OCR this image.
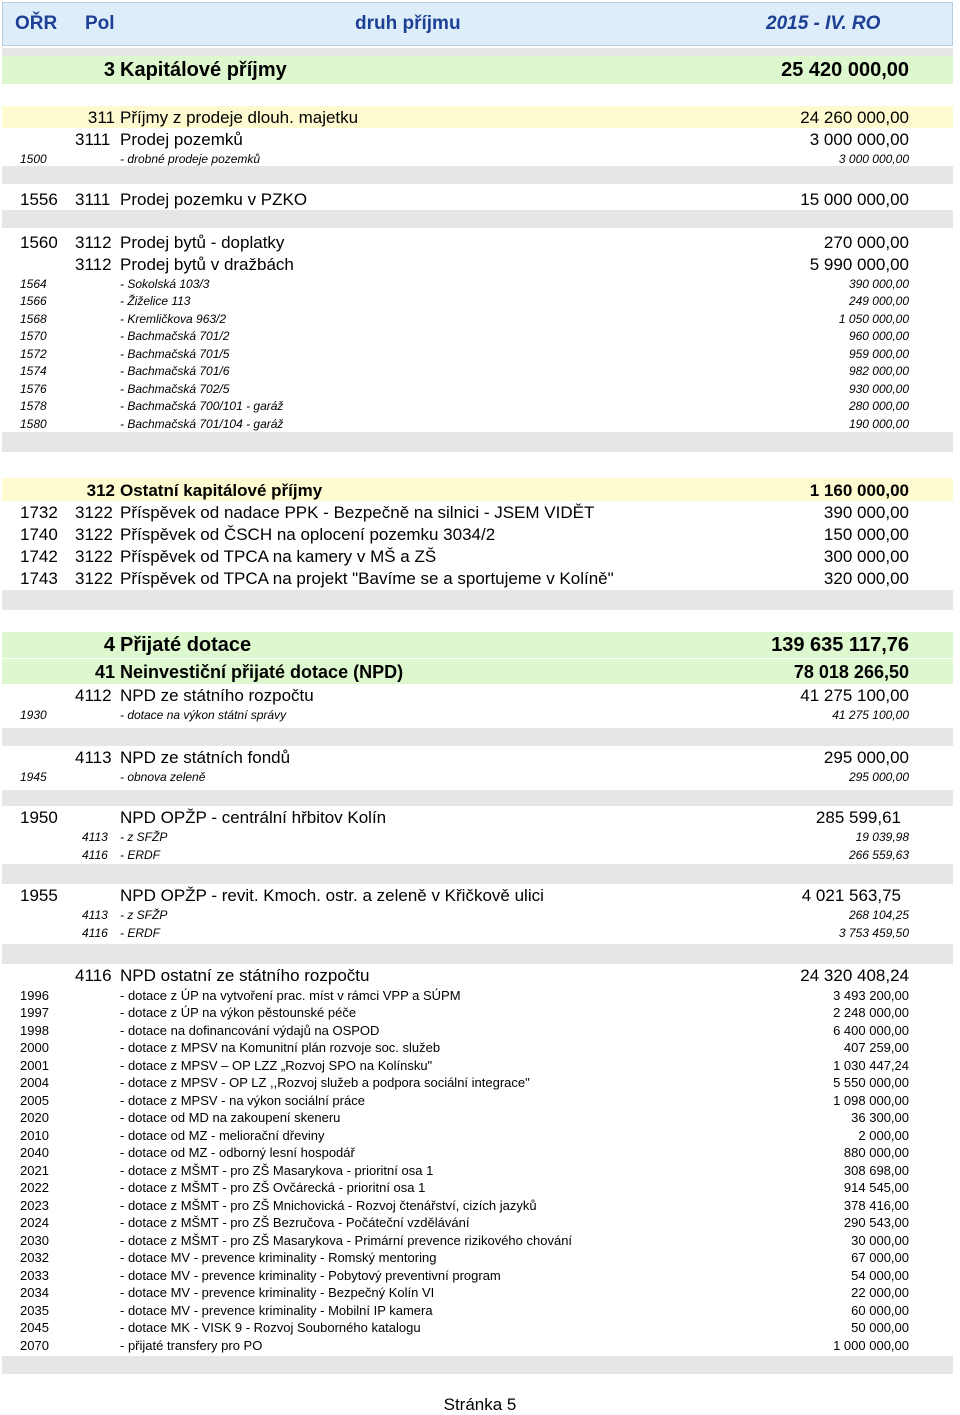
OŘR Pol	druh příjmu	2015 - IV. RO
3 Kapitálové příjmy	25 420 000,00
311 Příjmy z prodeje dlouh. majetku	24 260 000,00
3111 Prodej pozemků	3 000 000,00
1500	- drobné prodeje pozemků	3 000 000,00
1556 3111 Prodej pozemku v PZKO	15 000 000,00
1560 3112 Prodej bytů - doplatky	270 000,00
3112 Prodej bytů v dražbách	5 990 000,00
1564	- Sokolská 103/3	390 000,00
1566	- Žiželice 113	249 000,00
1568	- Kremličkova 963/2	1 050 000,00
1570	- Bachmačská 701/2	960 000,00
1572	- Bachmačská 701/5	959 000,00
1574	- Bachmačská 701/6	982 000,00
1576	- Bachmačská 702/5	930 000,00
1578	- Bachmačská 700/101 - garáž	280 000,00
1580	- Bachmačská 701/104 - garáž	190 000,00
312 Ostatní kapitálové příjmy	1 160 000,00
1732 3122 Příspěvek od nadace PPK - Bezpečně na silnici - JSEM VIDĚT	390 000,00
1740 3122 Příspěvek od ČSCH na oplocení pozemku 3034/2	150 000,00
1742 3122 Příspěvek od TPCA na kamery v MŠ a ZŠ	300 000,00
1743 3122 Příspěvek od TPCA na projekt "Bavíme se a sportujeme v Kolíně"	320 000,00
4 Přijaté dotace	139 635 117,76
41 Neinvestiční přijaté dotace (NPD)	78 018 266,50
4112 NPD ze státního rozpočtu	41 275 100,00
1930	- dotace na výkon státní správy	41 275 100,00
4113 NPD ze státních fondů	295 000,00
1945	- obnova zeleně	295 000,00
1950	NPD OPŽP - centrální hřbitov Kolín	285 599,61
4113 - z SFŽP	19 039,98
4116 - ERDF	266 559,63
1955	NPD OPŽP - revit. Kmoch. ostr. a zeleně v Křičkově ulici	4 021 563,75
4113 - z SFŽP	268 104,25
4116 - ERDF	3 753 459,50
4116 NPD ostatní ze státního rozpočtu	24 320 408,24
1996	- dotace z ÚP na vytvoření prac. míst v rámci VPP a SÚPM	3 493 200,00
1997	- dotace z ÚP na výkon pěstounské péče	2 248 000,00
1998	- dotace na dofinancování výdajů na OSPOD	6 400 000,00
2000	- dotace z MPSV na Komunitní plán rozvoje soc. služeb	407 259,00
2001	- dotace z MPSV – OP LZZ „Rozvoj SPO na Kolínsku"	1 030 447,24
2004	- dotace z MPSV - OP LZ ,,Rozvoj služeb a podpora sociální integrace"	5 550 000,00
2005	- dotace z MPSV - na výkon sociální práce	1 098 000,00
2020	- dotace od MD na zakoupení skeneru	36 300,00
2010	- dotace od MZ - meliorační dřeviny	2 000,00
2040	- dotace od MZ - odborný lesní hospodář	880 000,00
2021	- dotace z MŠMT - pro ZŠ Masarykova - prioritní osa 1	308 698,00
2022	- dotace z MŠMT - pro ZŠ Ovčárecká - prioritní osa 1	914 545,00
2023	- dotace z MŠMT - pro ZŠ Mnichovická - Rozvoj čtenářství, cizích jazyků	378 416,00
2024	- dotace z MŠMT - pro ZŠ Bezručova - Počáteční vzdělávání	290 543,00
2030	- dotace z MŠMT - pro ZŠ Masarykova - Primární prevence rizikového chování	30 000,00
2032	- dotace MV - prevence kriminality - Romský mentoring	67 000,00
2033	- dotace MV - prevence kriminality - Pobytový preventivní program	54 000,00
2034	- dotace MV - prevence kriminality - Bezpečný Kolín VI	22 000,00
2035	- dotace MV - prevence kriminality - Mobilní IP kamera	60 000,00
2045	- dotace MK - VISK 9 - Rozvoj Souborného katalogu	50 000,00
2070	- přijaté transfery pro PO	1 000 000,00
Stránka 5
